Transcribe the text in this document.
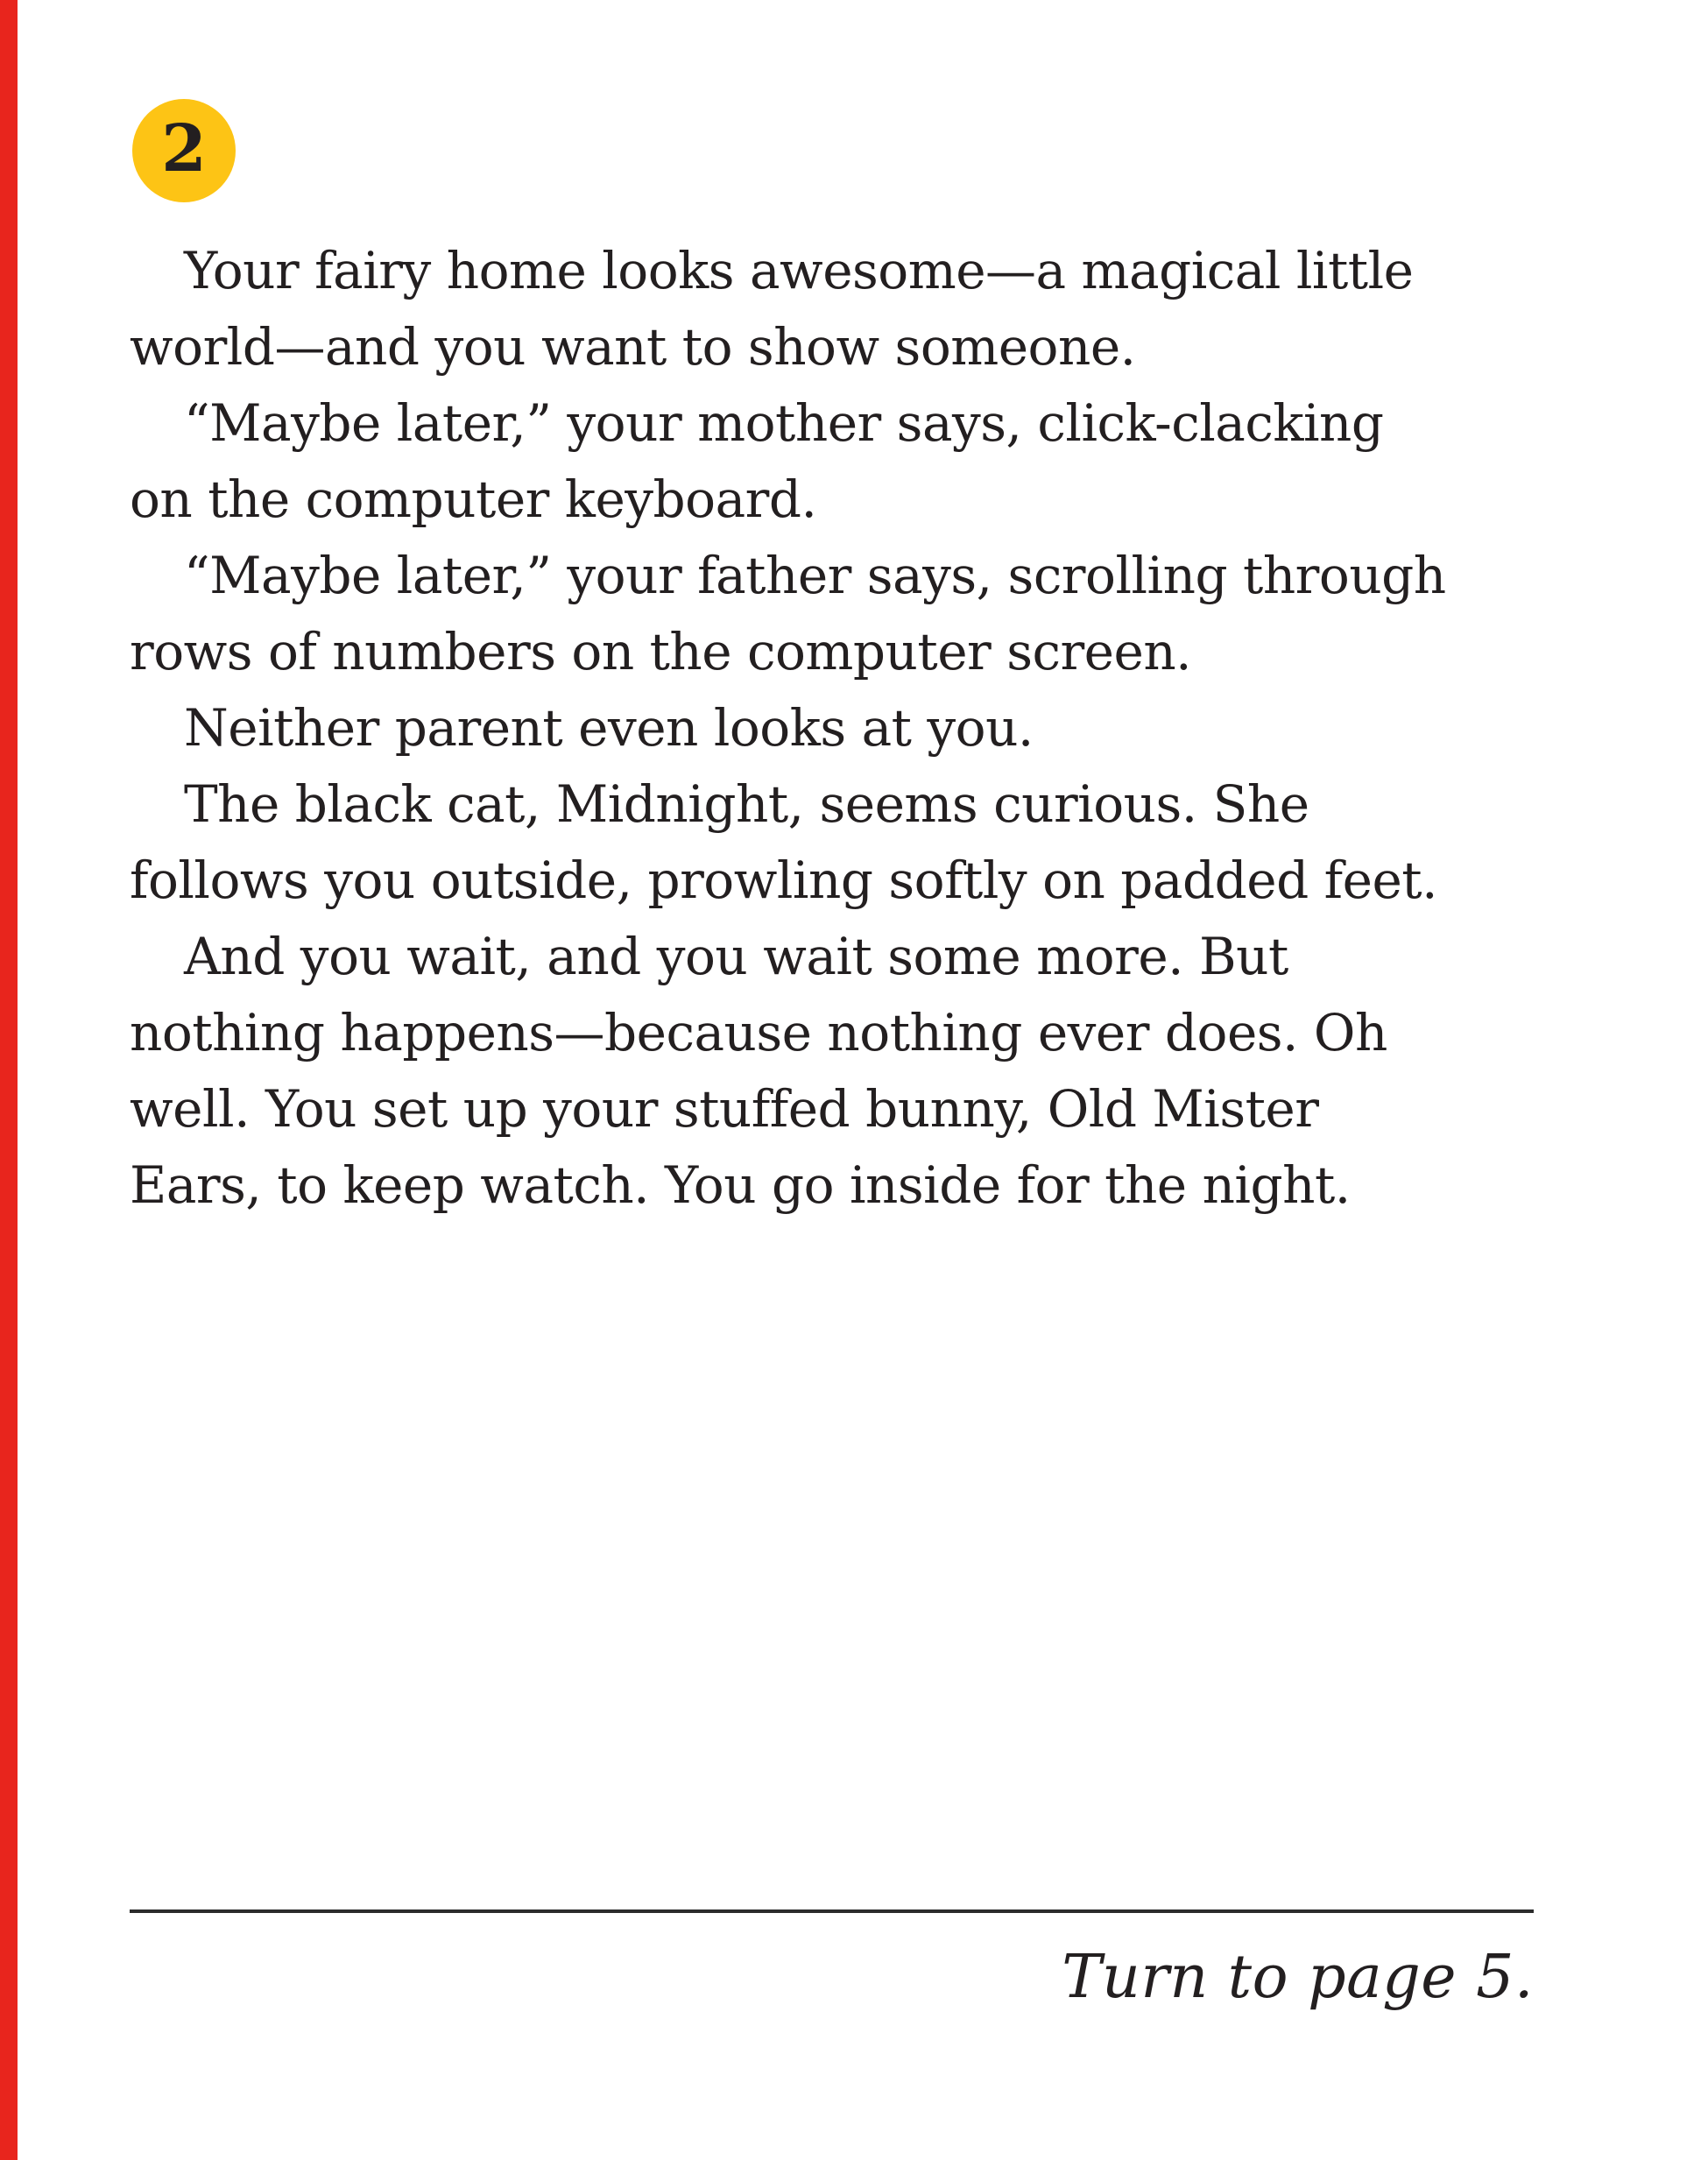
2
Your fairy home looks awesome—a magical little
world—and you want to show someone.
“Maybe later,” your mother says, click-clacking
on the computer keyboard.
“Maybe later,” your father says, scrolling through
rows of numbers on the computer screen.
Neither parent even looks at you.
The black cat, Midnight, seems curious. She
follows you outside, prowling softly on padded feet.
And you wait, and you wait some more. But
nothing happens—because nothing ever does. Oh
well. You set up your stuffed bunny, Old Mister
Ears, to keep watch. You go inside for the night.
Turn to page 5.
